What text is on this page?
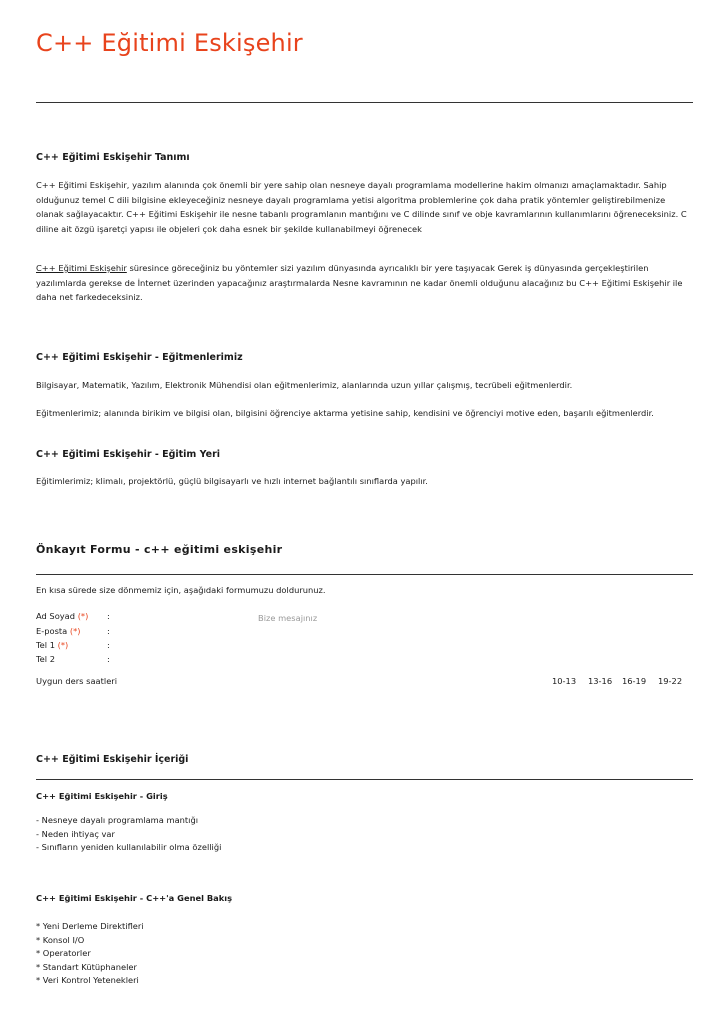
C++ Eğitimi Eskişehir
C++ Eğitimi Eskişehir Tanımı

C++ Eğitimi Eskişehir, yazılım alanında çok önemli bir yere sahip olan nesneye dayalı programlama modellerine hakim olmanızı amaçlamaktadır. Sahip olduğunuz temel C dili bilgisine ekleyeceğiniz nesneye dayalı programlama yetisi algoritma problemlerine çok daha pratik yöntemler geliştirebilmenize olanak sağlayacaktır. C++ Eğitimi Eskişehir ile nesne tabanlı programlanın mantığını ve C dilinde sınıf ve obje kavramlarının kullanımlarını öğreneceksiniz. C diline ait özgü işaretçi yapısı ile objeleri çok daha esnek bir şekilde kullanabilmeyi öğrenecek

C++ Eğitimi Eskişehir süresince göreceğiniz bu yöntemler sizi yazılım dünyasında ayrıcalıklı bir yere taşıyacak Gerek iş dünyasında gerçekleştirilen yazılımlarda gerekse de İnternet üzerinden yapacağınız araştırmalarda Nesne kavramının ne kadar önemli olduğunu alacağınız bu C++ Eğitimi Eskişehir ile daha net farkedeceksiniz.

C++ Eğitimi Eskişehir - Eğitmenlerimiz

Bilgisayar, Matematik, Yazılım, Elektronik Mühendisi olan eğitmenlerimiz, alanlarında uzun yıllar çalışmış, tecrübeli eğitmenlerdir.

Eğitmenlerimiz; alanında birikim ve bilgisi olan, bilgisini öğrenciye aktarma yetisine sahip, kendisini ve öğrenciyi motive eden, başarılı eğitmenlerdir.

C++ Eğitimi Eskişehir - Eğitim Yeri

Eğitimlerimiz; klimalı, projektörlü, güçlü bilgisayarlı ve hızlı internet bağlantılı sınıflarda yapılır.

Önkayıt Formu - c++ eğitimi eskişehir

En kısa sürede size dönmemiz için, aşağıdaki formumuzu doldurunuz.

Ad Soyad (*) :
E-posta (*)	:
Tel 1 (*)	:
Tel 2	:
Bize mesajınız
Uygun ders saatleri	10-13 13-16 16-19 19-22
C++ Eğitimi Eskişehir İçeriği
C++ Eğitimi Eskişehir - Giriş

- Nesneye dayalı programlama mantığı

- Neden ihtiyaç var

- Sınıfların yeniden kullanılabilir olma özelliği

C++ Eğitimi Eskişehir - C++'a Genel Bakış

* Yeni Derleme Direktifleri

* Konsol I/O

* Operatorler

* Standart Kütüphaneler

* Veri Kontrol Yetenekleri
